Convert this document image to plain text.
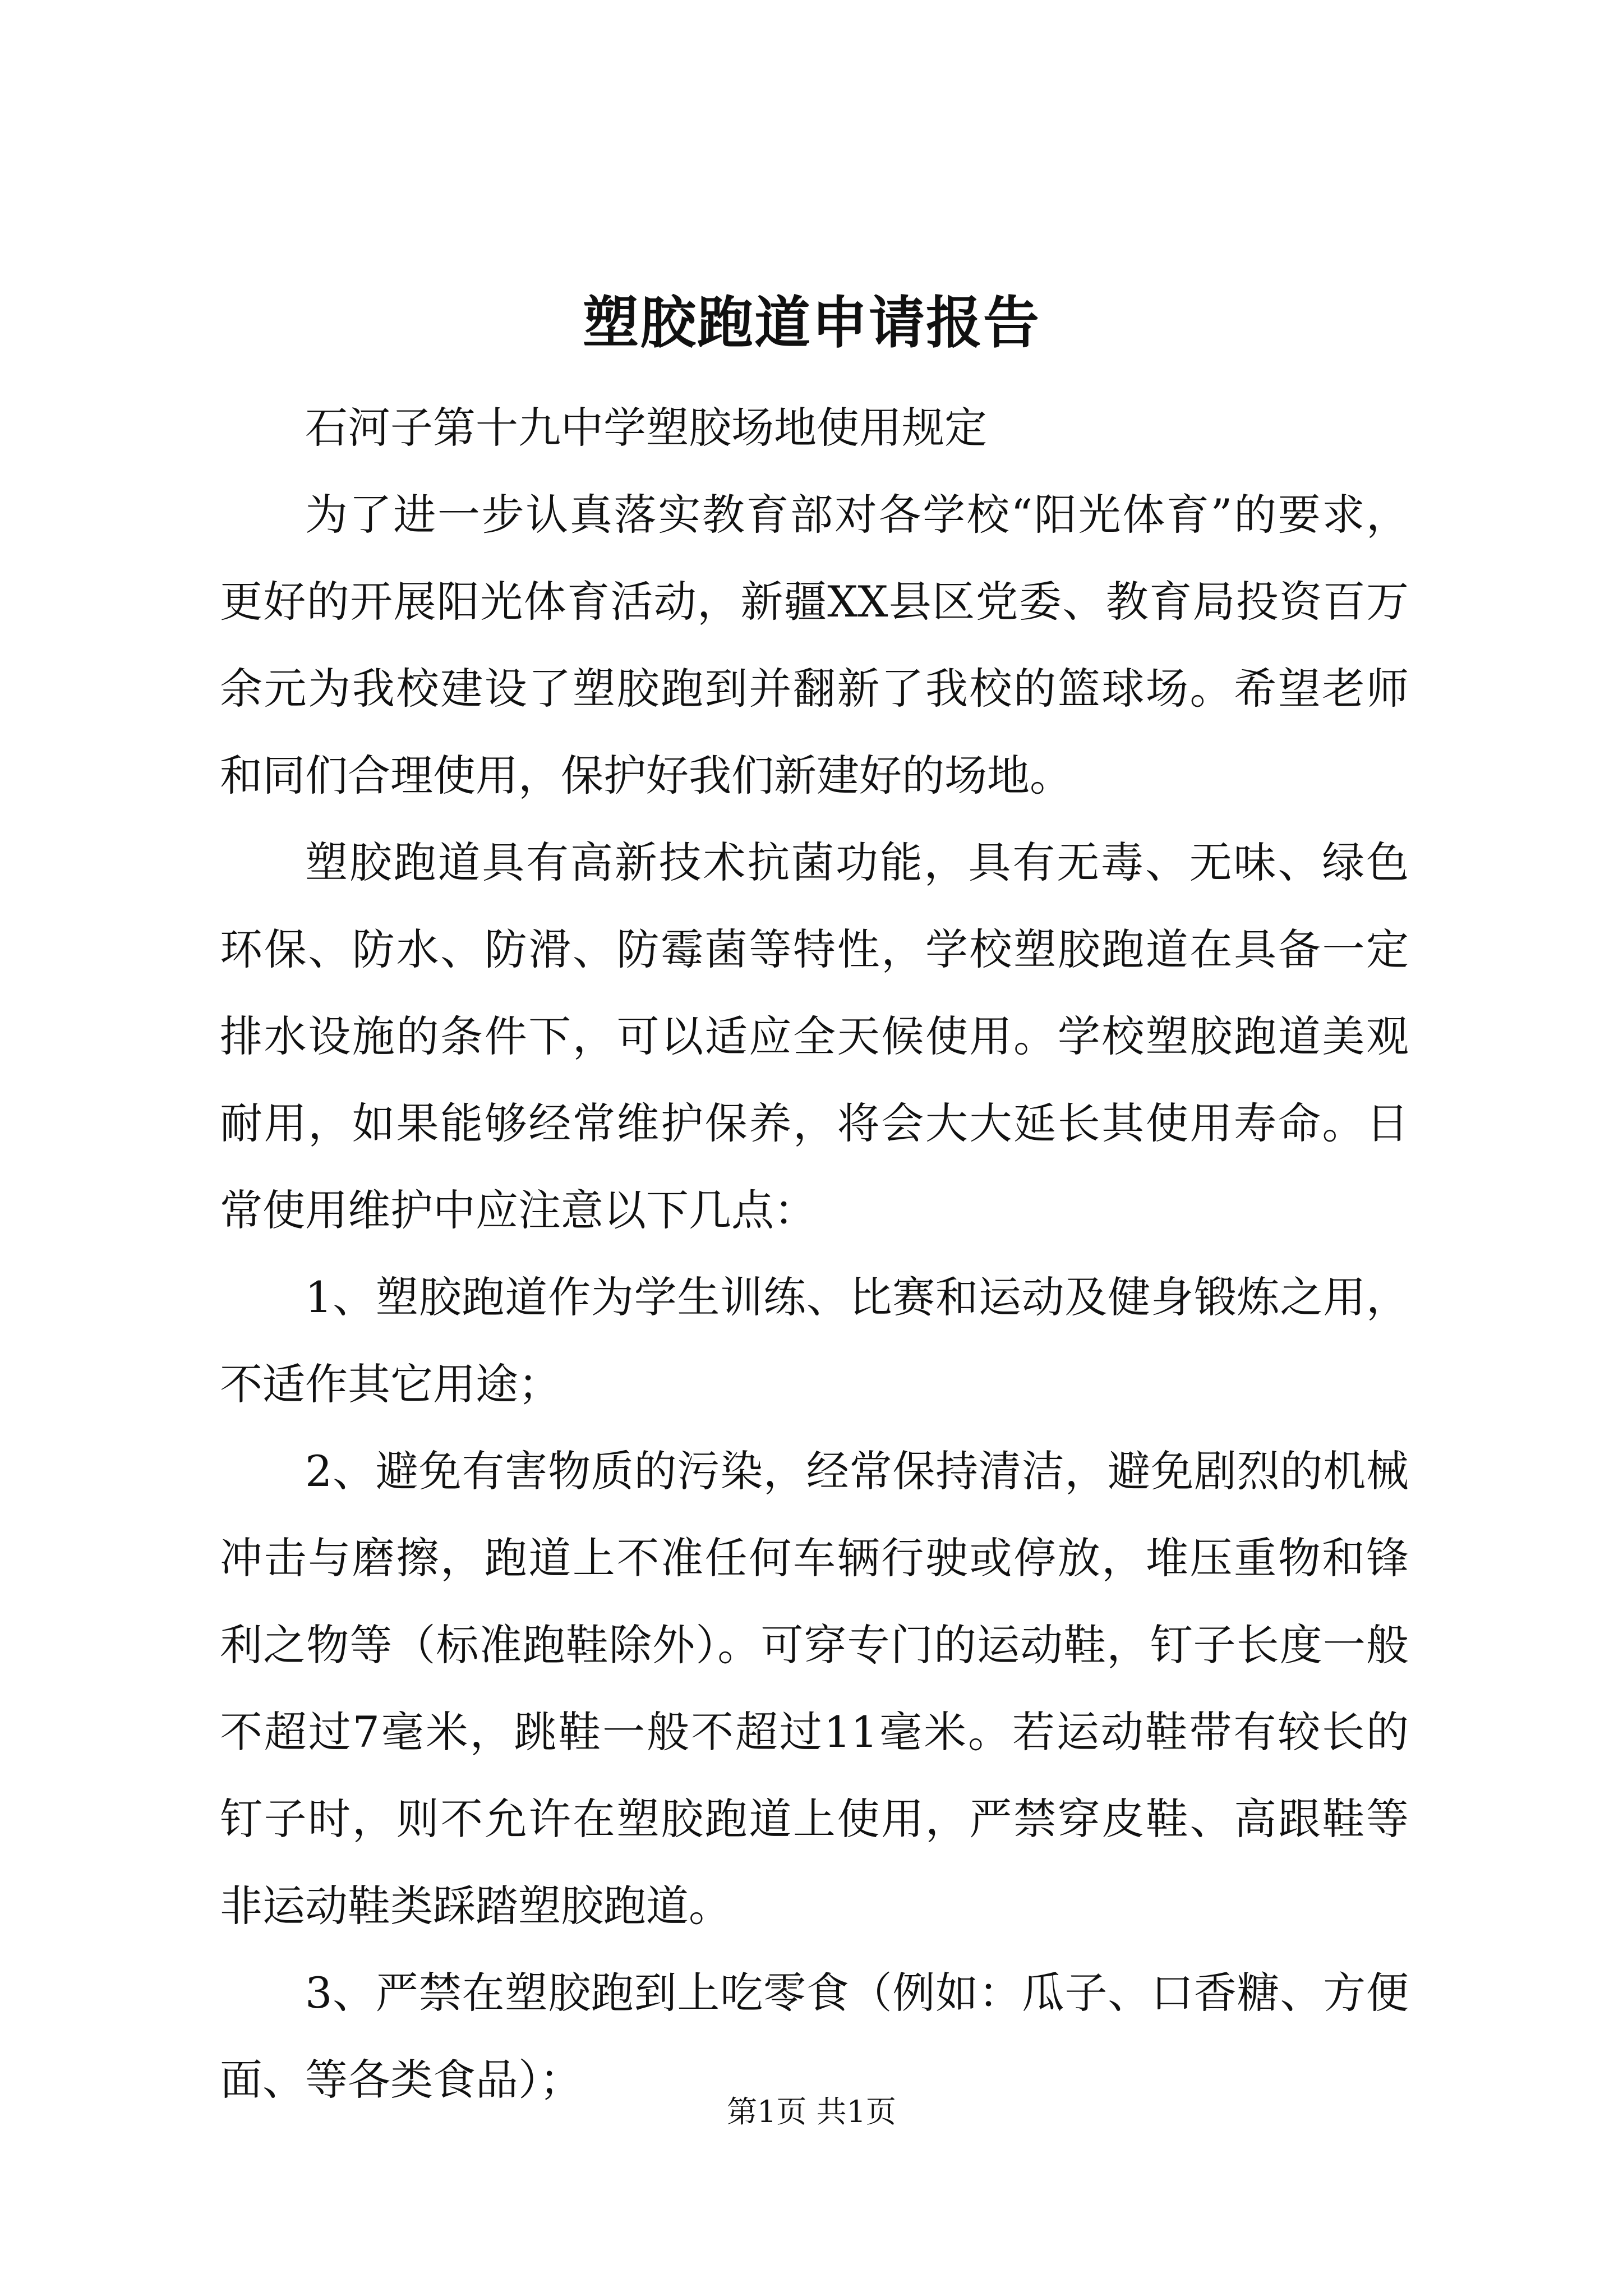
塑胶跑道申请报告

石河子第十九中学塑胶场地使用规定

为了进一步认真落实教育部对各学校“阳光体育”的要求，更好的开展阳光体育活动，新疆XX县区党委、教育局投资百万余元为我校建设了塑胶跑到并翻新了我校的篮球场。希望老师和同们合理使用，保护好我们新建好的场地。

塑胶跑道具有高新技术抗菌功能，具有无毒、无味、绿色环保、防水、防滑、防霉菌等特性，学校塑胶跑道在具备一定排水设施的条件下，可以适应全天候使用。学校塑胶跑道美观耐用，如果能够经常维护保养，将会大大延长其使用寿命。日常使用维护中应注意以下几点：

1、塑胶跑道作为学生训练、比赛和运动及健身锻炼之用，不适作其它用途；

2、避免有害物质的污染，经常保持清洁，避免剧烈的机械冲击与磨擦，跑道上不准任何车辆行驶或停放，堆压重物和锋利之物等（标准跑鞋除外）。可穿专门的运动鞋，钉子长度一般不超过7毫米，跳鞋一般不超过11毫米。若运动鞋带有较长的钉子时，则不允许在塑胶跑道上使用，严禁穿皮鞋、高跟鞋等非运动鞋类踩踏塑胶跑道。

3、严禁在塑胶跑到上吃零食（例如：瓜子、口香糖、方便面、等各类食品）；

第1页 共1页
